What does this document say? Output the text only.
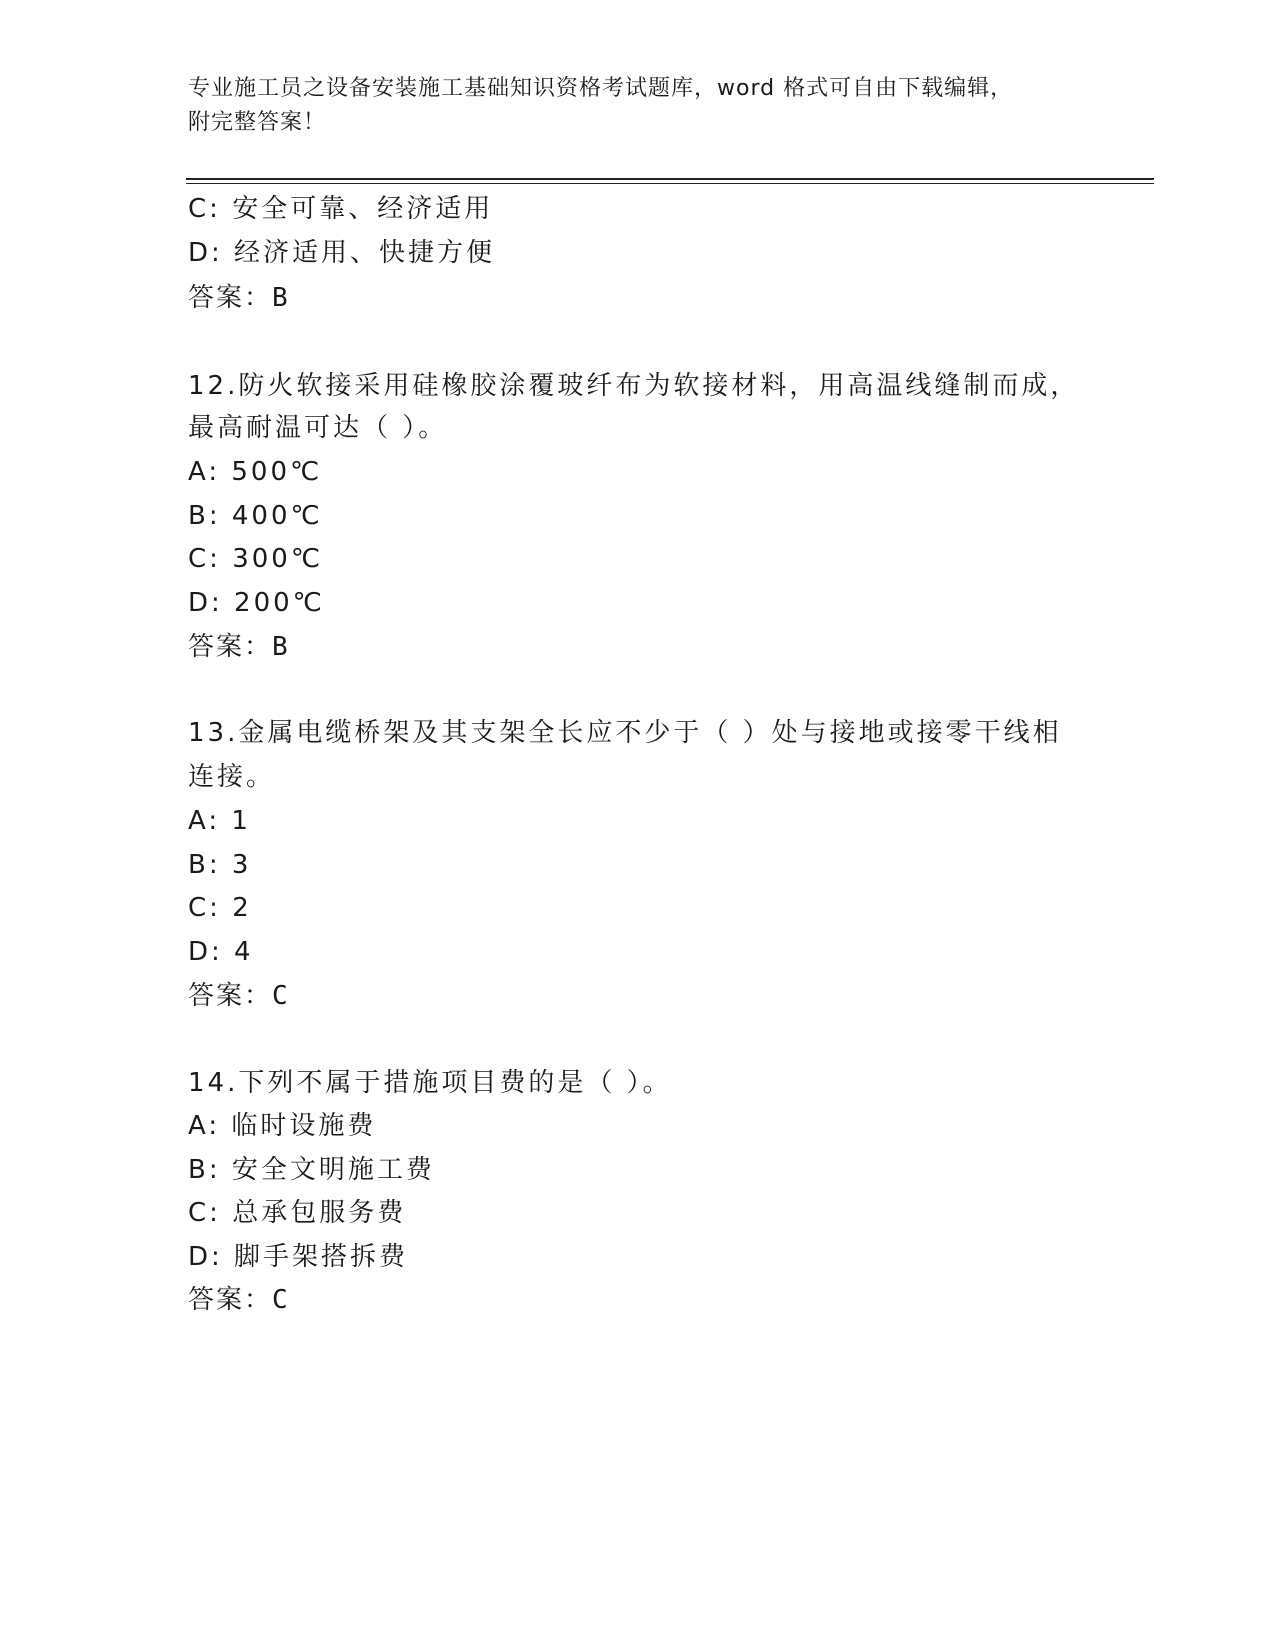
专业施工员之设备安装施工基础知识资格考试题库，word 格式可自由下载编辑，
附完整答案！
C: 安全可靠、经济适用
D: 经济适用、快捷方便
答案：B
12.防火软接采用硅橡胶涂覆玻纤布为软接材料，用高温线缝制而成，
最高耐温可达（ ）。
A: 500℃
B: 400℃
C: 300℃
D: 200℃
答案：B
13.金属电缆桥架及其支架全长应不少于（ ）处与接地或接零干线相
连接。
A: 1
B: 3
C: 2
D: 4
答案：C
14.下列不属于措施项目费的是（ ）。
A: 临时设施费
B: 安全文明施工费
C: 总承包服务费
D: 脚手架搭拆费
答案：C
